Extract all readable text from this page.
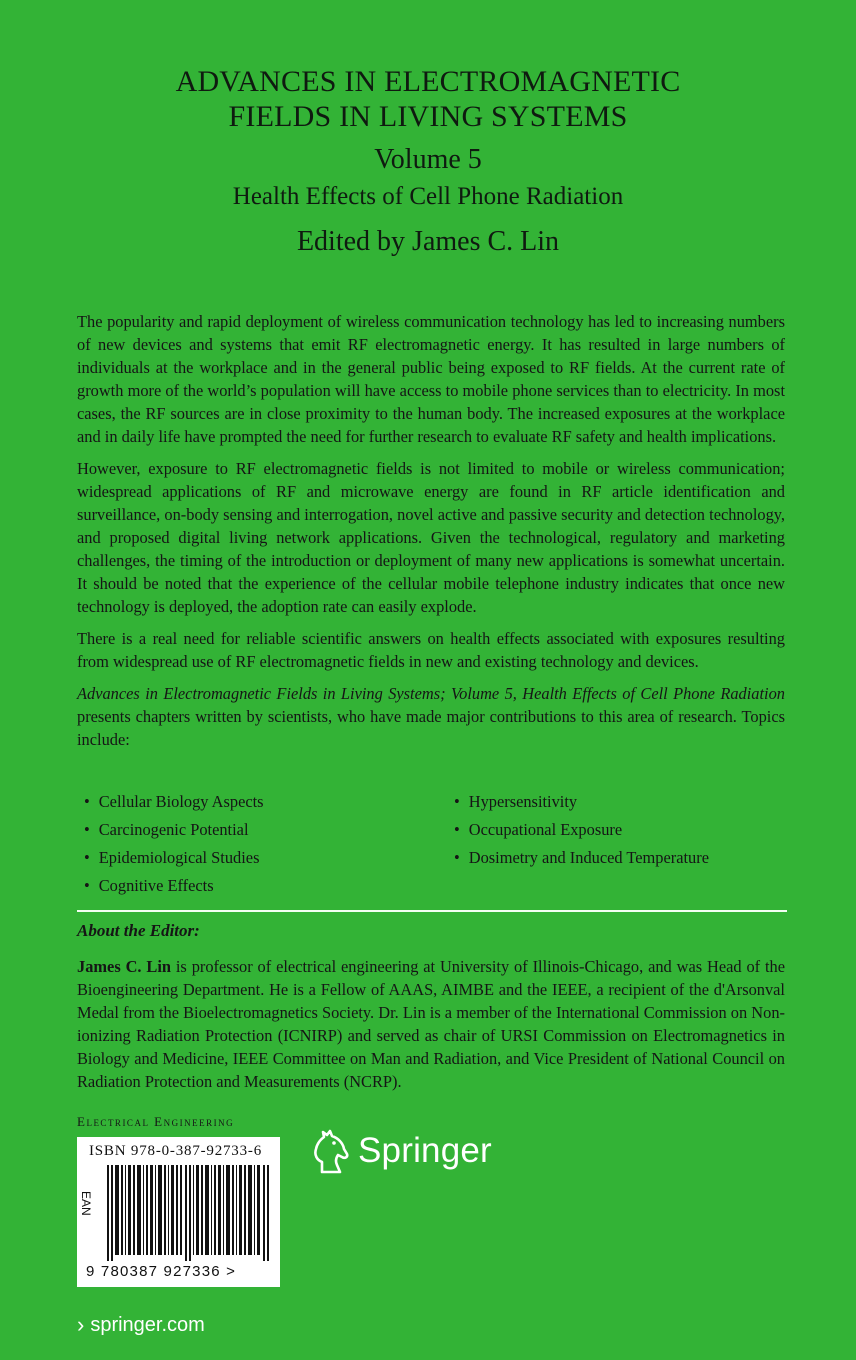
ADVANCES IN ELECTROMAGNETIC
FIELDS IN LIVING SYSTEMS
Volume 5
Health Effects of Cell Phone Radiation
Edited by James C. Lin

The popularity and rapid deployment of wireless communication technology has led to increasing numbers of new devices and systems that emit RF electromagnetic energy. It has resulted in large numbers of individuals at the workplace and in the general public being exposed to RF fields. At the current rate of growth more of the world’s population will have access to mobile phone services than to electricity. In most cases, the RF sources are in close proximity to the human body. The increased exposures at the workplace and in daily life have prompted the need for further research to evaluate RF safety and health implications.

However, exposure to RF electromagnetic fields is not limited to mobile or wireless communication; widespread applications of RF and microwave energy are found in RF article identification and surveillance, on-body sensing and interrogation, novel active and passive security and detection technology, and proposed digital living network applications. Given the technological, regulatory and marketing challenges, the timing of the introduction or deployment of many new applications is somewhat uncertain. It should be noted that the experience of the cellular mobile telephone industry indicates that once new technology is deployed, the adoption rate can easily explode.

There is a real need for reliable scientific answers on health effects associated with exposures resulting from widespread use of RF electromagnetic fields in new and existing technology and devices.

Advances in Electromagnetic Fields in Living Systems; Volume 5, Health Effects of Cell Phone Radiation presents chapters written by scientists, who have made major contributions to this area of research. Topics include:

• Cellular Biology Aspects
• Carcinogenic Potential
• Epidemiological Studies
• Cognitive Effects
• Hypersensitivity
• Occupational Exposure
• Dosimetry and Induced Temperature
About the Editor:
James C. Lin is professor of electrical engineering at University of Illinois-Chicago, and was Head of the Bioengineering Department. He is a Fellow of AAAS, AIMBE and the IEEE, a recipient of the d'Arsonval Medal from the Bioelectromagnetics Society. Dr. Lin is a member of the International Commission on Non-ionizing Radiation Protection (ICNIRP) and served as chair of URSI Commission on Electromagnetics in Biology and Medicine, IEEE Committee on Man and Radiation, and Vice President of National Council on Radiation Protection and Measurements (NCRP).
Electrical Engineering
ISBN 978-0-387-92733-6
EAN
9 780387 927336 >
Springer
› springer.com
